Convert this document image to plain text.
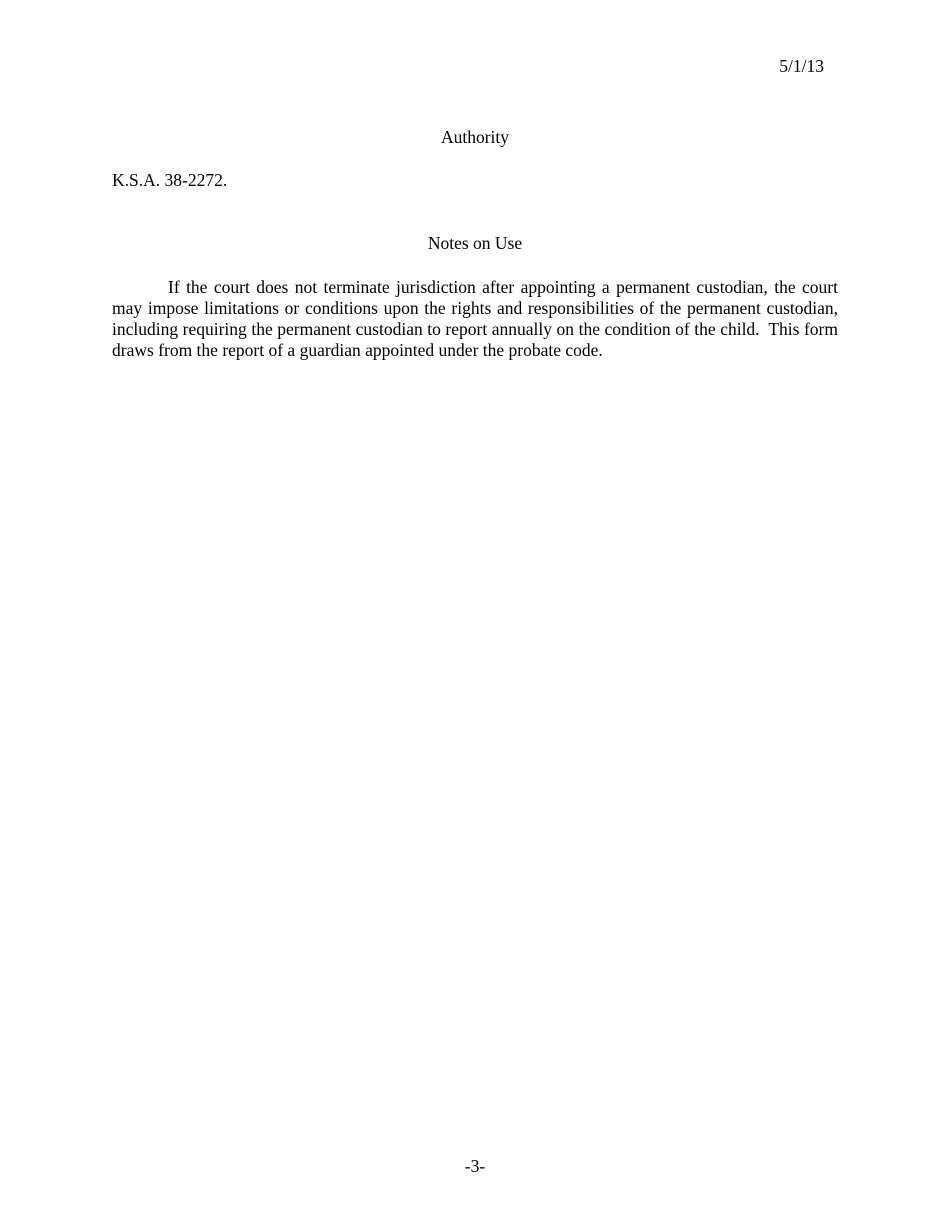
5/1/13
Authority
K.S.A. 38-2272.
Notes on Use

If the court does not terminate jurisdiction after appointing a permanent custodian, the court may impose limitations or conditions upon the rights and responsibilities of the permanent custodian, including requiring the permanent custodian to report annually on the condition of the child.  This form draws from the report of a guardian appointed under the probate code.

-3-
